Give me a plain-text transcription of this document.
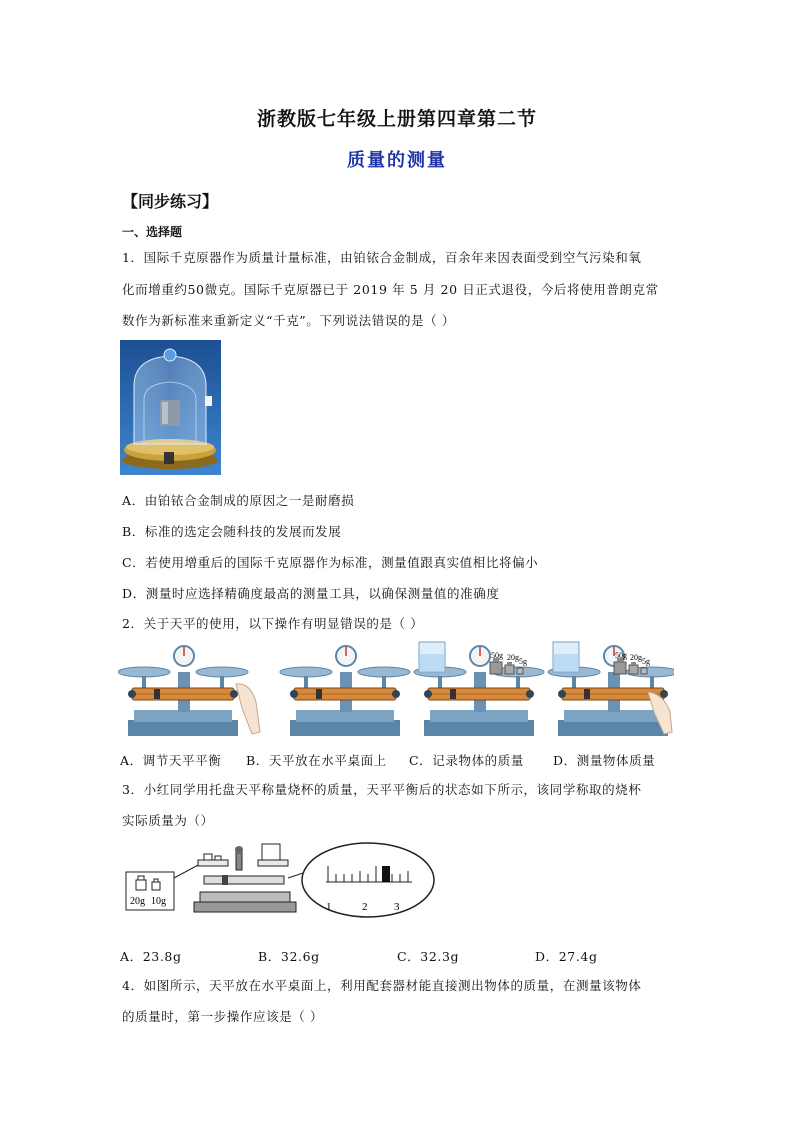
浙教版七年级上册第四章第二节
质量的测量
【同步练习】
一、选择题
1．国际千克原器作为质量计量标准，由铂铱合金制成，百余年来因表面受到空气污染和氧
化而增重约50微克。国际千克原器已于 2019 年 5 月 20 日正式退役，今后将使用普朗克常
数作为新标准来重新定义“千克”。下列说法错误的是（ ）
A．由铂铱合金制成的原因之一是耐磨损
B．标准的选定会随科技的发展而发展
C．若使用增重后的国际千克原器作为标准，测量值跟真实值相比将偏小
D．测量时应选择精确度最高的测量工具，以确保测量值的准确度
2．关于天平的使用，以下操作有明显错误的是（ ）
50g 20g 5g
50g 20g 5g
A．调节天平平衡 B．天平放在水平桌面上 C．记录物体的质量 D．测量物体质量
3．小红同学用托盘天平称量烧杯的质量，天平平衡后的状态如下所示，该同学称取的烧杯
实际质量为（）
20g 10g	1	2 3
A．23.8g	B．32.6g	C．32.3g	D．27.4g
4．如图所示，天平放在水平桌面上，利用配套器材能直接测出物体的质量，在测量该物体
的质量时，第一步操作应该是（ ）
